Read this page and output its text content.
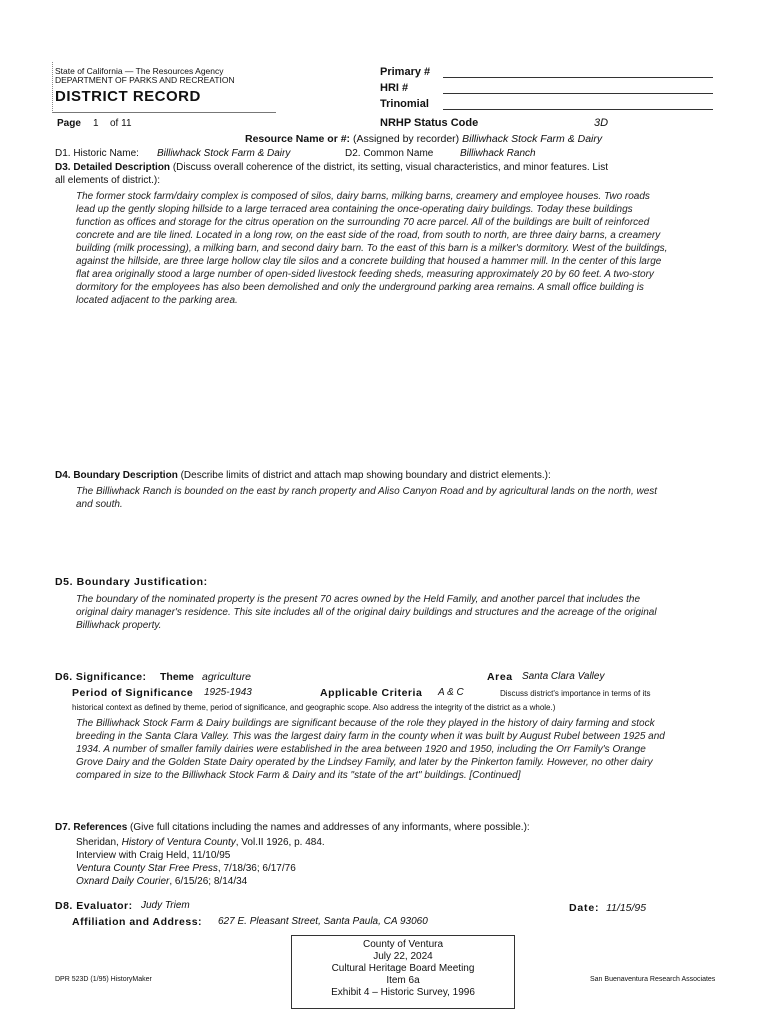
State of California — The Resources Agency
DEPARTMENT OF PARKS AND RECREATION
DISTRICT RECORD
Primary #
HRI #
Trinomial
Page 1 of 11	NRHP Status Code	3D
Resource Name or #: (Assigned by recorder) Billiwhack Stock Farm & Dairy
D1. Historic Name: Billiwhack Stock Farm & Dairy	D2. Common Name	Billiwhack Ranch
D3. Detailed Description (Discuss overall coherence of the district, its setting, visual characteristics, and minor features. List
all elements of district.):
The former stock farm/dairy complex is composed of silos, dairy barns, milking barns, creamery and employee houses. Two roads
lead up the gently sloping hillside to a large terraced area containing the once-operating dairy buildings. Today these buildings
function as offices and storage for the citrus operation on the surrounding 70 acre parcel. All of the buildings are built of reinforced
concrete and are tile lined. Located in a long row, on the east side of the road, from south to north, are three dairy barns, a creamery
building (milk processing), a milking barn, and second dairy barn. To the east of this barn is a milker's dormitory. West of the buildings,
against the hillside, are three large hollow clay tile silos and a concrete building that housed a hammer mill. In the center of this large
flat area originally stood a large number of open-sided livestock feeding sheds, measuring approximately 20 by 60 feet. A two-story
dormitory for the employees has also been demolished and only the underground parking area remains. A small office building is
located adjacent to the parking area.
D4. Boundary Description (Describe limits of district and attach map showing boundary and district elements.):
The Billiwhack Ranch is bounded on the east by ranch property and Aliso Canyon Road and by agricultural lands on the north, west
and south.
D5. Boundary Justification:
The boundary of the nominated property is the present 70 acres owned by the Held Family, and another parcel that includes the
original dairy manager's residence. This site includes all of the original dairy buildings and structures and the acreage of the original
Billiwhack property.
D6. Significance: Theme agriculture	Area Santa Clara Valley
Period of Significance 1925-1943	Applicable Criteria A & C	Discuss district's importance in terms of its
historical context as defined by theme, period of significance, and geographic scope. Also address the integrity of the district as a whole.)
The Billiwhack Stock Farm & Dairy buildings are significant because of the role they played in the history of dairy farming and stock
breeding in the Santa Clara Valley. This was the largest dairy farm in the county when it was built by August Rubel between 1925 and
1934. A number of smaller family dairies were established in the area between 1920 and 1950, including the Orr Family's Orange
Grove Dairy and the Golden State Dairy operated by the Lindsey Family, and later by the Pinkerton family. However, no other dairy
compared in size to the Billiwhack Stock Farm & Dairy and its "state of the art" buildings. [Continued]
D7. References (Give full citations including the names and addresses of any informants, where possible.):
Sheridan, History of Ventura County, Vol.II 1926, p. 484.
Interview with Craig Held, 11/10/95
Ventura County Star Free Press, 7/18/36; 6/17/76
Oxnard Daily Courier, 6/15/26; 8/14/34
D8. Evaluator: Judy Triem	Date: 11/15/95
Affiliation and Address: 627 E. Pleasant Street, Santa Paula, CA 93060
County of Ventura
July 22, 2024
Cultural Heritage Board Meeting
Item 6a
Exhibit 4 – Historic Survey, 1996
DPR 523D (1/95) HistoryMaker	San Buenaventura Research Associates
